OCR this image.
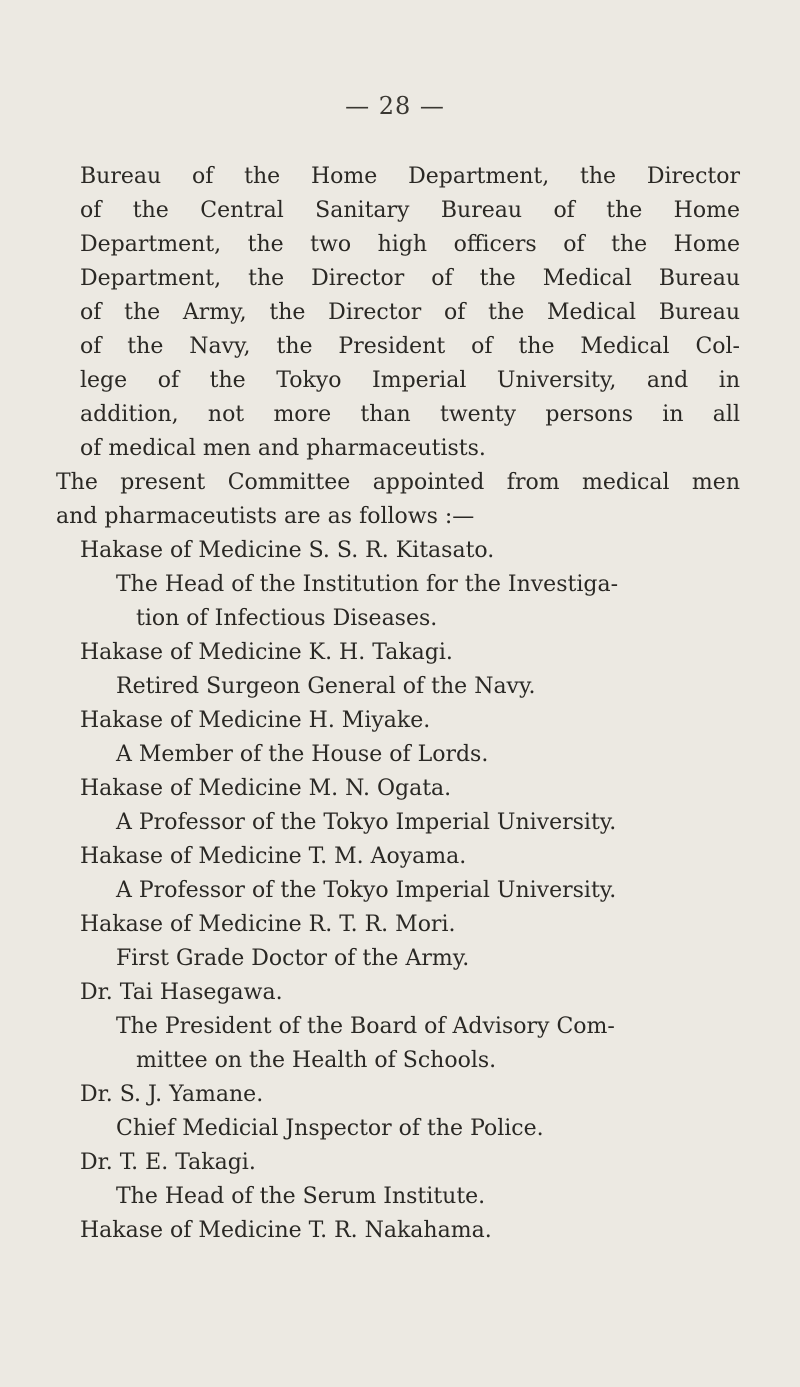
— 28 —
Bureau of the Home Department, the Director
of the Central Sanitary Bureau of the Home
Department, the two high officers of the Home
Department, the Director of the Medical Bureau
of the Army, the Director of the Medical Bureau
of the Navy, the President of the Medical Col-
lege of the Tokyo Imperial University, and in
addition, not more than twenty persons in all
of medical men and pharmaceutists.
The present Committee appointed from medical men
and pharmaceutists are as follows :—
Hakase of Medicine S. S. R. Kitasato.
The Head of the Institution for the Investiga-
tion of Infectious Diseases.
Hakase of Medicine K. H. Takagi.
Retired Surgeon General of the Navy.
Hakase of Medicine H. Miyake.
A Member of the House of Lords.
Hakase of Medicine M. N. Ogata.
A Professor of the Tokyo Imperial University.
Hakase of Medicine T. M. Aoyama.
A Professor of the Tokyo Imperial University.
Hakase of Medicine R. T. R. Mori.
First Grade Doctor of the Army.
Dr. Tai Hasegawa.
The President of the Board of Advisory Com-
mittee on the Health of Schools.
Dr. S. J. Yamane.
Chief Medicial Jnspector of the Police.
Dr. T. E. Takagi.
The Head of the Serum Institute.
Hakase of Medicine T. R. Nakahama.
